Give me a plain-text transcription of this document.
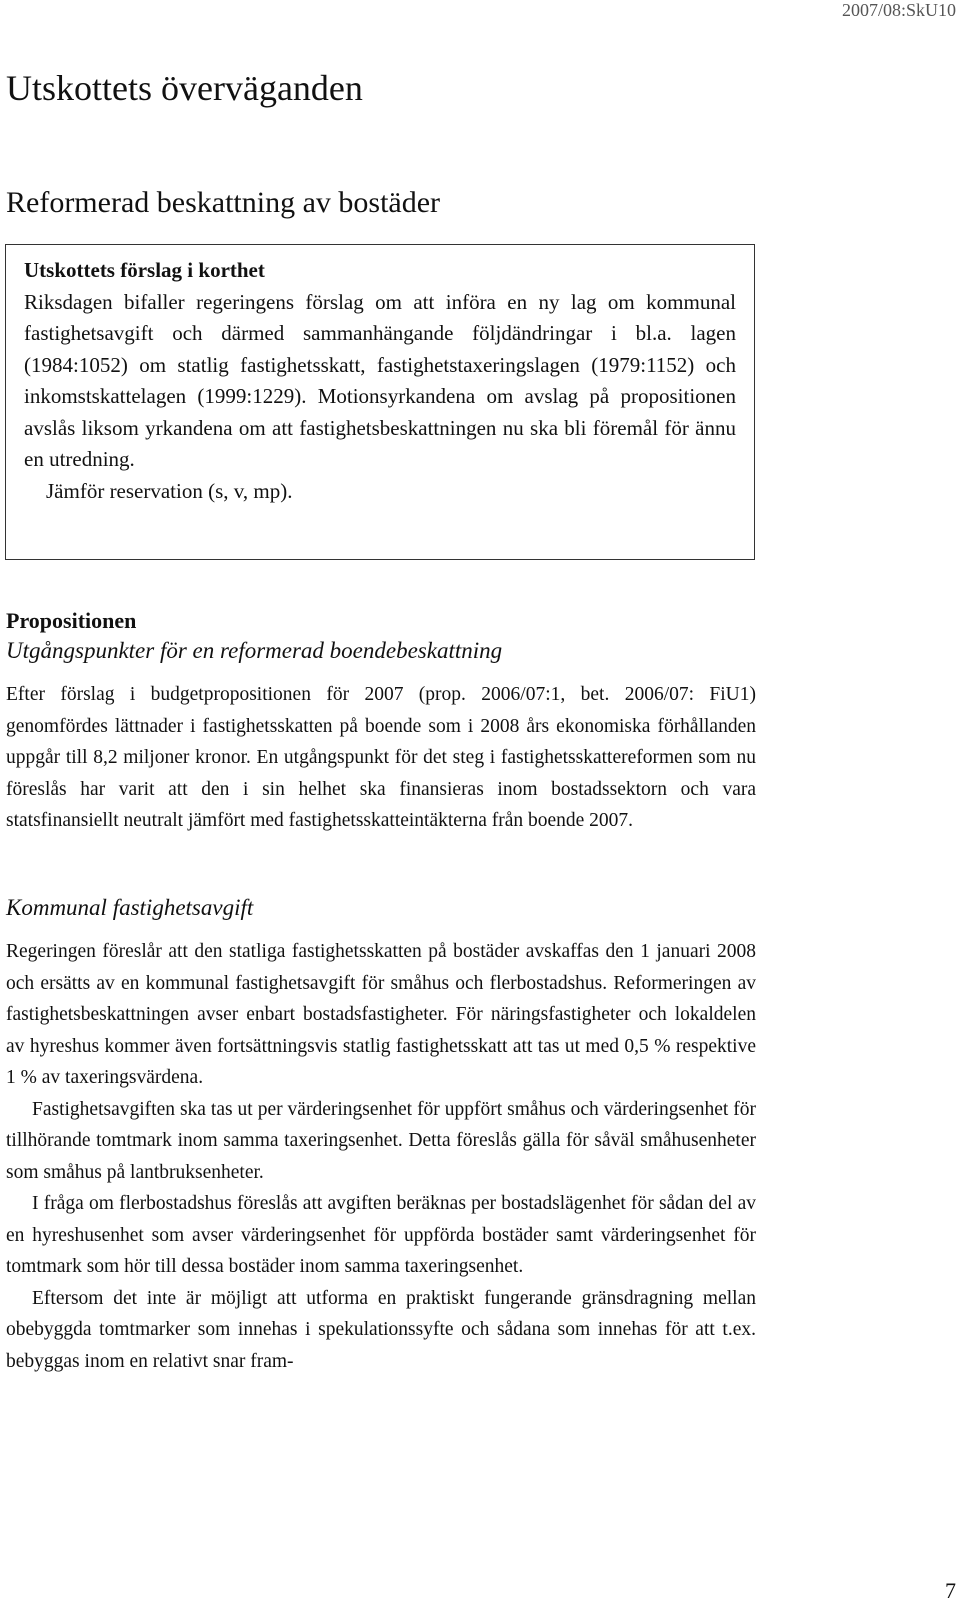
2007/08:SkU10
Utskottets överväganden
Reformerad beskattning av bostäder
Utskottets förslag i korthet

Riksdagen bifaller regeringens förslag om att införa en ny lag om kommunal fastighetsavgift och därmed sammanhängande följdändringar i bl.a. lagen (1984:1052) om statlig fastighetsskatt, fastighetstaxeringslagen (1979:1152) och inkomstskattelagen (1999:1229). Motionsyrkandena om avslag på propositionen avslås liksom yrkandena om att fastighetsbeskattningen nu ska bli föremål för ännu en utredning.

Jämför reservation (s, v, mp).

Propositionen
Utgångspunkter för en reformerad boendebeskattning

Efter förslag i budgetpropositionen för 2007 (prop. 2006/07:1, bet. 2006/07: FiU1) genomfördes lättnader i fastighetsskatten på boende som i 2008 års ekonomiska förhållanden uppgår till 8,2 miljoner kronor. En utgångspunkt för det steg i fastighetsskattereformen som nu föreslås har varit att den i sin helhet ska finansieras inom bostadssektorn och vara statsfinansiellt neutralt jämfört med fastighetsskatteintäkterna från boende 2007.

Kommunal fastighetsavgift

Regeringen föreslår att den statliga fastighetsskatten på bostäder avskaffas den 1 januari 2008 och ersätts av en kommunal fastighetsavgift för småhus och flerbostadshus. Reformeringen av fastighetsbeskattningen avser enbart bostadsfastigheter. För näringsfastigheter och lokaldelen av hyreshus kommer även fortsättningsvis statlig fastighetsskatt att tas ut med 0,5 % respektive 1 % av taxeringsvärdena.

Fastighetsavgiften ska tas ut per värderingsenhet för uppfört småhus och värderingsenhet för tillhörande tomtmark inom samma taxeringsenhet. Detta föreslås gälla för såväl småhusenheter som småhus på lantbruksenheter.

I fråga om flerbostadshus föreslås att avgiften beräknas per bostadslägenhet för sådan del av en hyreshusenhet som avser värderingsenhet för uppförda bostäder samt värderingsenhet för tomtmark som hör till dessa bostäder inom samma taxeringsenhet.

Eftersom det inte är möjligt att utforma en praktiskt fungerande gränsdragning mellan obebyggda tomtmarker som innehas i spekulationssyfte och sådana som innehas för att t.ex. bebyggas inom en relativt snar fram-

7
